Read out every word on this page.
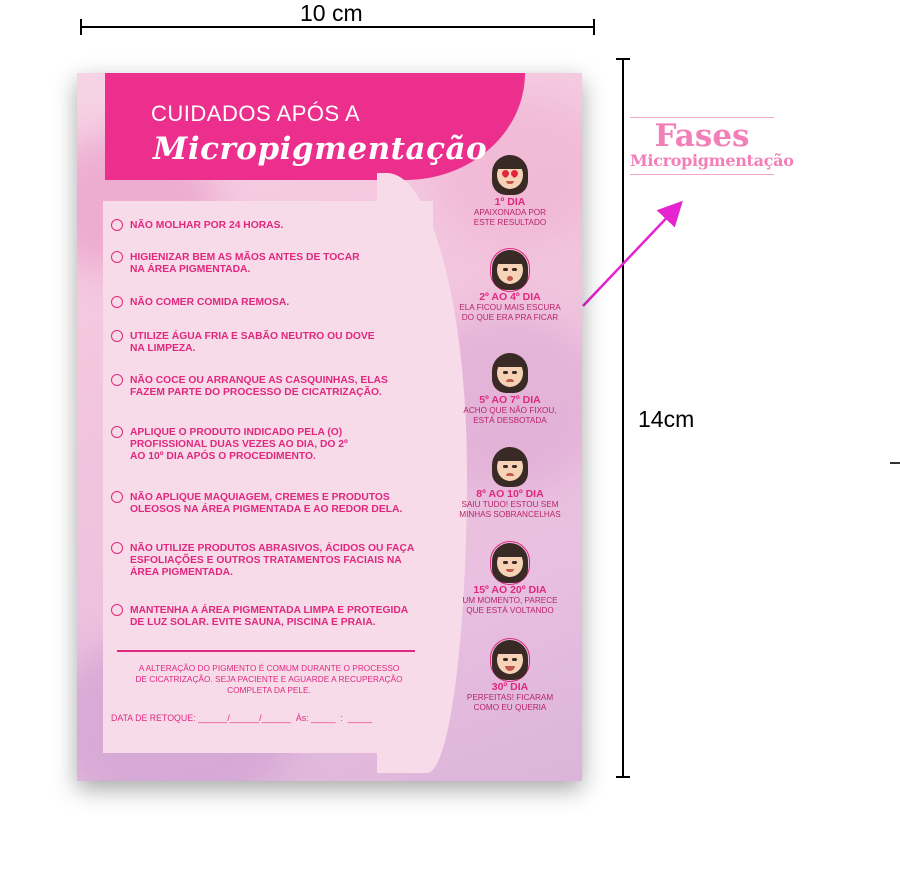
10 cm
14cm
Fases
Micropigmentação
CUIDADOS APÓS A
Micropigmentação
NÃO MOLHAR POR 24 HORAS.
HIGIENIZAR BEM AS MÃOS ANTES DE TOCAR
NA ÁREA PIGMENTADA.
NÃO COMER COMIDA REMOSA.
UTILIZE ÁGUA FRIA E SABÃO NEUTRO OU DOVE
NA LIMPEZA.
NÃO COCE OU ARRANQUE AS CASQUINHAS, ELAS
FAZEM PARTE DO PROCESSO DE CICATRIZAÇÃO.
APLIQUE O PRODUTO INDICADO PELA (O)
PROFISSIONAL DUAS VEZES AO DIA, DO 2º
AO 10º DIA APÓS O PROCEDIMENTO.
NÃO APLIQUE MAQUIAGEM, CREMES E PRODUTOS
OLEOSOS NA ÁREA PIGMENTADA E AO REDOR DELA.
NÃO UTILIZE PRODUTOS ABRASIVOS, ÁCIDOS OU FAÇA
ESFOLIAÇÕES E OUTROS TRATAMENTOS FACIAIS NA
ÁREA PIGMENTADA.
MANTENHA A ÁREA PIGMENTADA LIMPA E PROTEGIDA
DE LUZ SOLAR. EVITE SAUNA, PISCINA E PRAIA.
A ALTERAÇÃO DO PIGMENTO É COMUM DURANTE O PROCESSO
DE CICATRIZAÇÃO. SEJA PACIENTE E AGUARDE A RECUPERAÇÃO
COMPLETA DA PELE.
DATA DE RETOQUE: ______/______/______  Às: _____  :  _____
1º DIA
APAIXONADA POR
ESTE RESULTADO
2º AO 4º DIA
ELA FICOU MAIS ESCURA
DO QUE ERA PRA FICAR
5º AO 7º DIA
ACHO QUE NÃO FIXOU,
ESTÁ DESBOTADA
8º AO 10º DIA
SAIU TUDO! ESTOU SEM
MINHAS SOBRANCELHAS
15º AO 20º DIA
UM MOMENTO, PARECE
QUE ESTÁ VOLTANDO
30º DIA
PERFEITAS! FICARAM
COMO EU QUERIA
